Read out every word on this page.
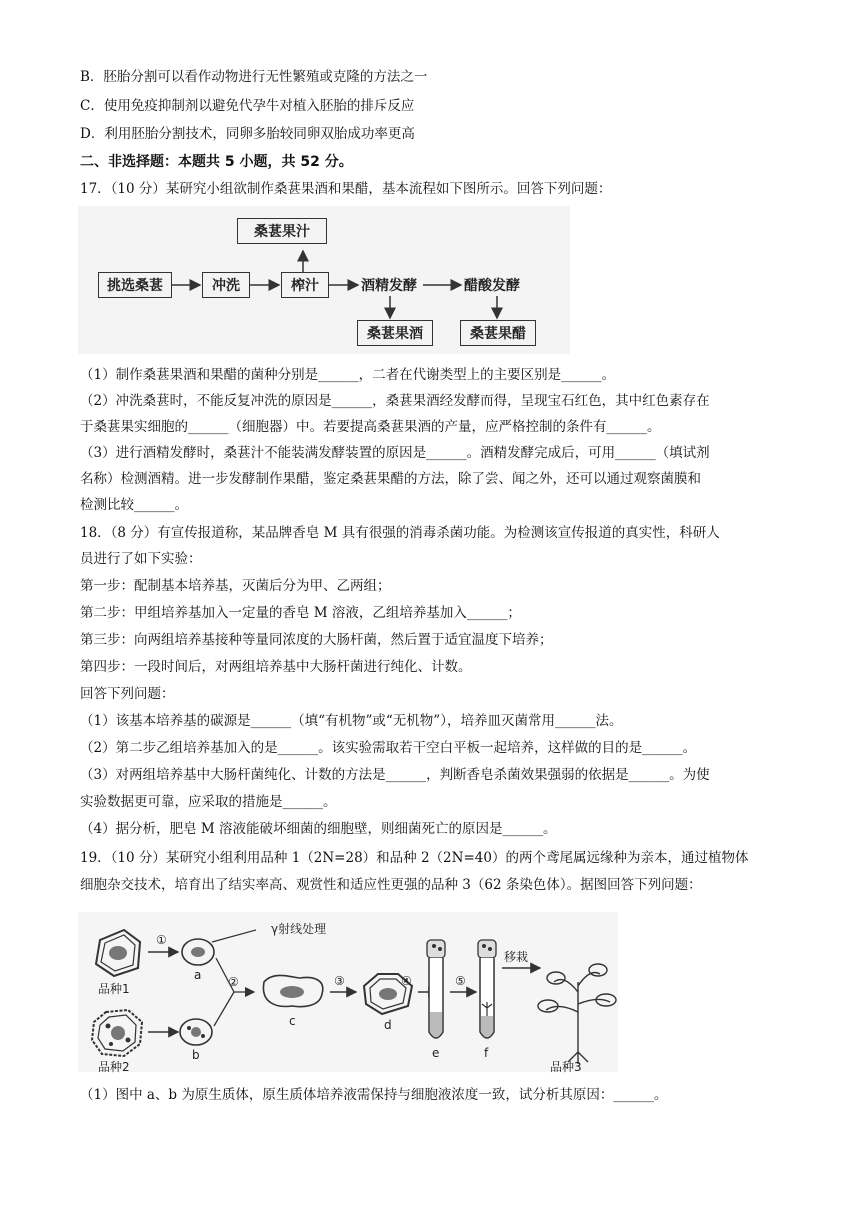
B．胚胎分割可以看作动物进行无性繁殖或克隆的方法之一
C．使用免疫抑制剂以避免代孕牛对植入胚胎的排斥反应
D．利用胚胎分割技术，同卵多胎较同卵双胎成功率更高
二、非选择题：本题共 5 小题，共 52 分。
17．（10 分）某研究小组欲制作桑葚果酒和果醋，基本流程如下图所示。回答下列问题：
桑葚果汁
挑选桑葚	冲洗	榨汁	酒精发酵	醋酸发酵
桑葚果酒	桑葚果醋
（1）制作桑葚果酒和果醋的菌种分别是______，二者在代谢类型上的主要区别是______。
（2）冲洗桑葚时，不能反复冲洗的原因是______，桑葚果酒经发酵而得，呈现宝石红色，其中红色素存在
于桑葚果实细胞的______（细胞器）中。若要提高桑葚果酒的产量，应严格控制的条件有______。
（3）进行酒精发酵时，桑葚汁不能装满发酵装置的原因是______。酒精发酵完成后，可用______（填试剂
名称）检测酒精。进一步发酵制作果醋，鉴定桑葚果醋的方法，除了尝、闻之外，还可以通过观察菌膜和
检测比较______。
18．（8 分）有宣传报道称，某品牌香皂 M 具有很强的消毒杀菌功能。为检测该宣传报道的真实性，科研人
员进行了如下实验：
第一步：配制基本培养基，灭菌后分为甲、乙两组；
第二步：甲组培养基加入一定量的香皂 M 溶液，乙组培养基加入______；
第三步：向两组培养基接种等量同浓度的大肠杆菌，然后置于适宜温度下培养；
第四步：一段时间后，对两组培养基中大肠杆菌进行纯化、计数。
回答下列问题：
（1）该基本培养基的碳源是______（填“有机物”或“无机物”），培养皿灭菌常用______法。
（2）第二步乙组培养基加入的是______。该实验需取若干空白平板一起培养，这样做的目的是______。
（3）对两组培养基中大肠杆菌纯化、计数的方法是______，判断香皂杀菌效果强弱的依据是______。为使
实验数据更可靠，应采取的措施是______。
（4）据分析，肥皂 M 溶液能破坏细菌的细胞壁，则细菌死亡的原因是______。
19．（10 分）某研究小组利用品种 1（2N=28）和品种 2（2N=40）的两个鸢尾属远缘种为亲本，通过植物体
细胞杂交技术，培育出了结实率高、观赏性和适应性更强的品种 3（62 条染色体）。据图回答下列问题：
γ射线处理
①
②	③	④	⑤
移栽
a
b
c	d
e	f
品种1
品种2	品种3
（1）图中 a、b 为原生质体，原生质体培养液需保持与细胞液浓度一致，试分析其原因：______。
